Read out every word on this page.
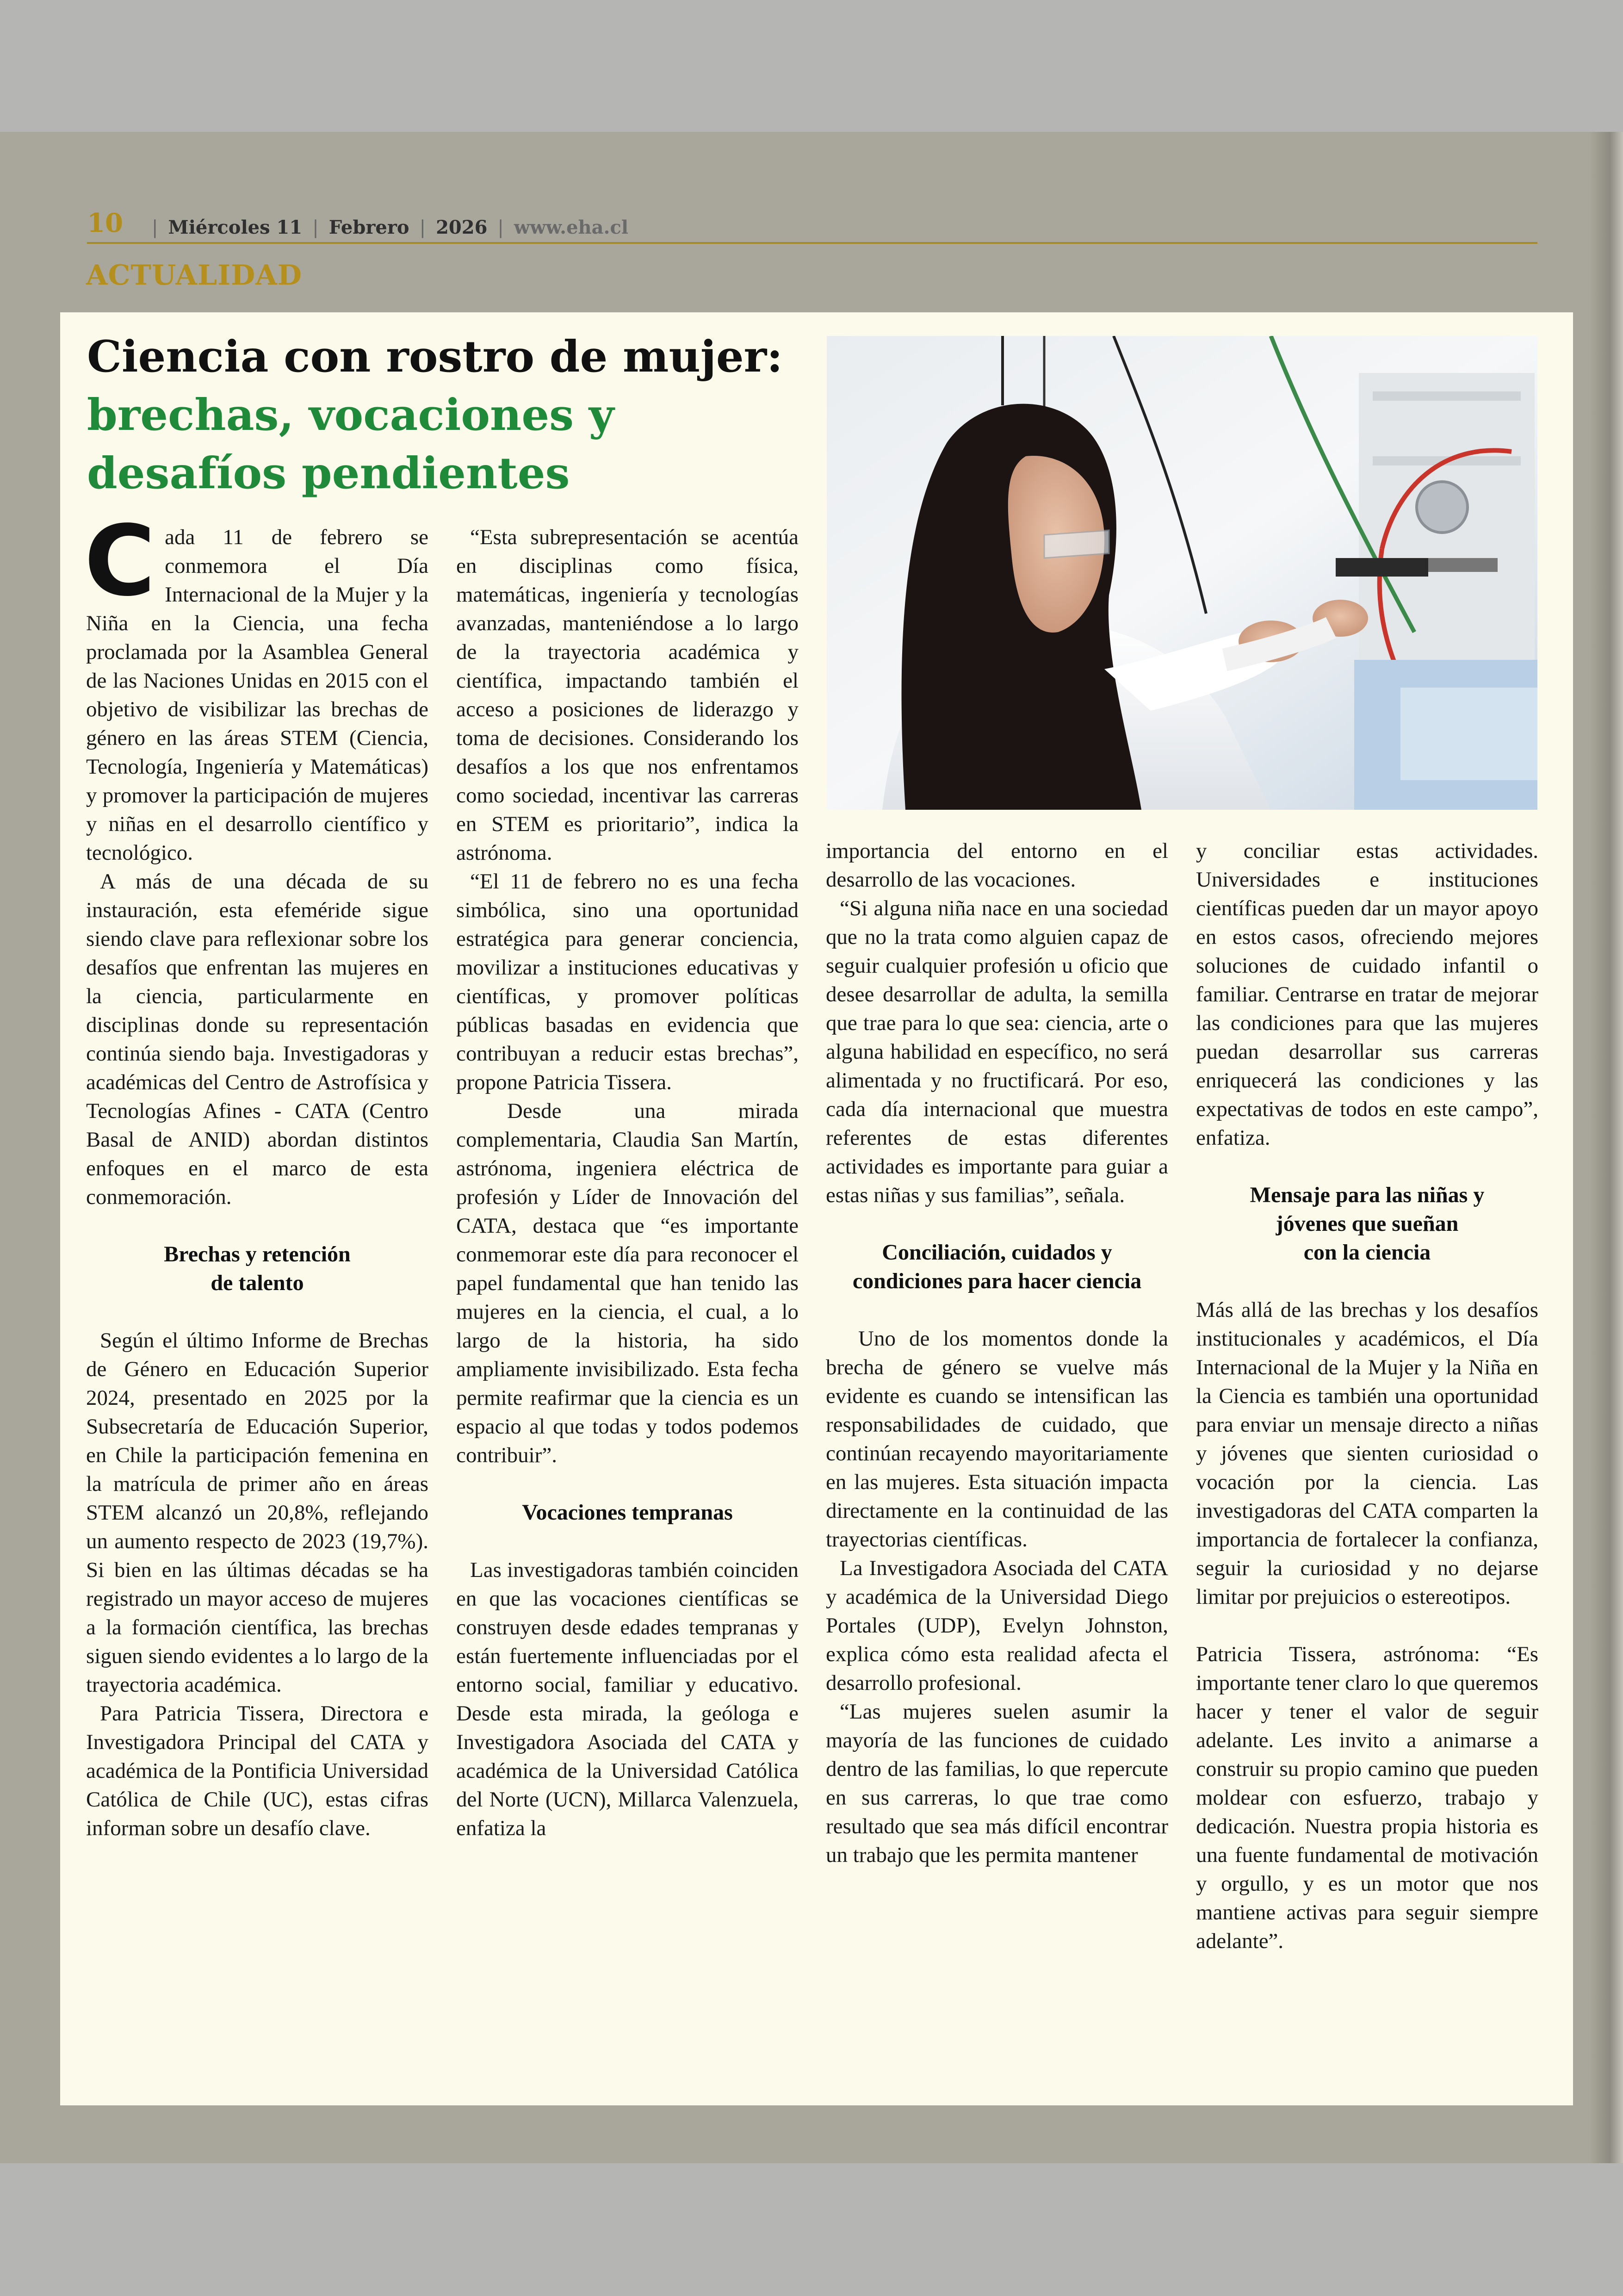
10 | Miércoles 11 | Febrero | 2026 | www.eha.cl
ACTUALIDAD
Ciencia con rostro de mujer: brechas, vocaciones y desafíos pendientes

Cada 11 de febrero se conmemora el Día Internacional de la Mujer y la Niña en la Ciencia, una fecha proclamada por la Asamblea General de las Naciones Unidas en 2015 con el objetivo de visibilizar las brechas de género en las áreas STEM (Ciencia, Tecnología, Ingeniería y Matemáticas) y promover la participación de mujeres y niñas en el desarrollo científico y tecnológico.

A más de una década de su instauración, esta efeméride sigue siendo clave para reflexionar sobre los desafíos que enfrentan las mujeres en la ciencia, particularmente en disciplinas donde su representación continúa siendo baja. Investigadoras y académicas del Centro de Astrofísica y Tecnologías Afines - CATA (Centro Basal de ANID) abordan distintos enfoques en el marco de esta conmemoración.

Brechas y retención
de talento

Según el último Informe de Brechas de Género en Educación Superior 2024, presentado en 2025 por la Subsecretaría de Educación Superior, en Chile la participación femenina en la matrícula de primer año en áreas STEM alcanzó un 20,8%, reflejando un aumento respecto de 2023 (19,7%). Si bien en las últimas décadas se ha registrado un mayor acceso de mujeres a la formación científica, las brechas siguen siendo evidentes a lo largo de la trayectoria académica.

Para Patricia Tissera, Directora e Investigadora Principal del CATA y académica de la Pontificia Universidad Católica de Chile (UC), estas cifras informan sobre un desafío clave.

“Esta subrepresentación se acentúa en disciplinas como física, matemáticas, ingeniería y tecnologías avanzadas, manteniéndose a lo largo de la trayectoria académica y científica, impactando también el acceso a posiciones de liderazgo y toma de decisiones. Considerando los desafíos a los que nos enfrentamos como sociedad, incentivar las carreras en STEM es prioritario”, indica la astrónoma.

“El 11 de febrero no es una fecha simbólica, sino una oportunidad estratégica para generar conciencia, movilizar a instituciones educativas y científicas, y promover políticas públicas basadas en evidencia que contribuyan a reducir estas brechas”, propone Patricia Tissera.

Desde una mirada complementaria, Claudia San Martín, astrónoma, ingeniera eléctrica de profesión y Líder de Innovación del CATA, destaca que “es importante conmemorar este día para reconocer el papel fundamental que han tenido las mujeres en la ciencia, el cual, a lo largo de la historia, ha sido ampliamente invisibilizado. Esta fecha permite reafirmar que la ciencia es un espacio al que todas y todos podemos contribuir”.

Vocaciones tempranas

Las investigadoras también coinciden en que las vocaciones científicas se construyen desde edades tempranas y están fuertemente influenciadas por el entorno social, familiar y educativo. Desde esta mirada, la geóloga e Investigadora Asociada del CATA y académica de la Universidad Católica del Norte (UCN), Millarca Valenzuela, enfatiza la

importancia del entorno en el desarrollo de las vocaciones.

“Si alguna niña nace en una sociedad que no la trata como alguien capaz de seguir cualquier profesión u oficio que desee desarrollar de adulta, la semilla que trae para lo que sea: ciencia, arte o alguna habilidad en específico, no será alimentada y no fructificará. Por eso, cada día internacional que muestra referentes de estas diferentes actividades es importante para guiar a estas niñas y sus familias”, señala.

Conciliación, cuidados y
condiciones para hacer ciencia

Uno de los momentos donde la brecha de género se vuelve más evidente es cuando se intensifican las responsabilidades de cuidado, que continúan recayendo mayoritariamente en las mujeres. Esta situación impacta directamente en la continuidad de las trayectorias científicas.

La Investigadora Asociada del CATA y académica de la Universidad Diego Portales (UDP), Evelyn Johnston, explica cómo esta realidad afecta el desarrollo profesional.

“Las mujeres suelen asumir la mayoría de las funciones de cuidado dentro de las familias, lo que repercute en sus carreras, lo que trae como resultado que sea más difícil encontrar un trabajo que les permita mantener

y conciliar estas actividades. Universidades e instituciones científicas pueden dar un mayor apoyo en estos casos, ofreciendo mejores soluciones de cuidado infantil o familiar. Centrarse en tratar de mejorar las condiciones para que las mujeres puedan desarrollar sus carreras enriquecerá las condiciones y las expectativas de todos en este campo”, enfatiza.

Mensaje para las niñas y
jóvenes que sueñan
con la ciencia

Más allá de las brechas y los desafíos institucionales y académicos, el Día Internacional de la Mujer y la Niña en la Ciencia es también una oportunidad para enviar un mensaje directo a niñas y jóvenes que sienten curiosidad o vocación por la ciencia. Las investigadoras del CATA comparten la importancia de fortalecer la confianza, seguir la curiosidad y no dejarse limitar por prejuicios o estereotipos.

Patricia Tissera, astrónoma: “Es importante tener claro lo que queremos hacer y tener el valor de seguir adelante. Les invito a animarse a construir su propio camino que pueden moldear con esfuerzo, trabajo y dedicación. Nuestra propia historia es una fuente fundamental de motivación y orgullo, y es un motor que nos mantiene activas para seguir siempre adelante”.
